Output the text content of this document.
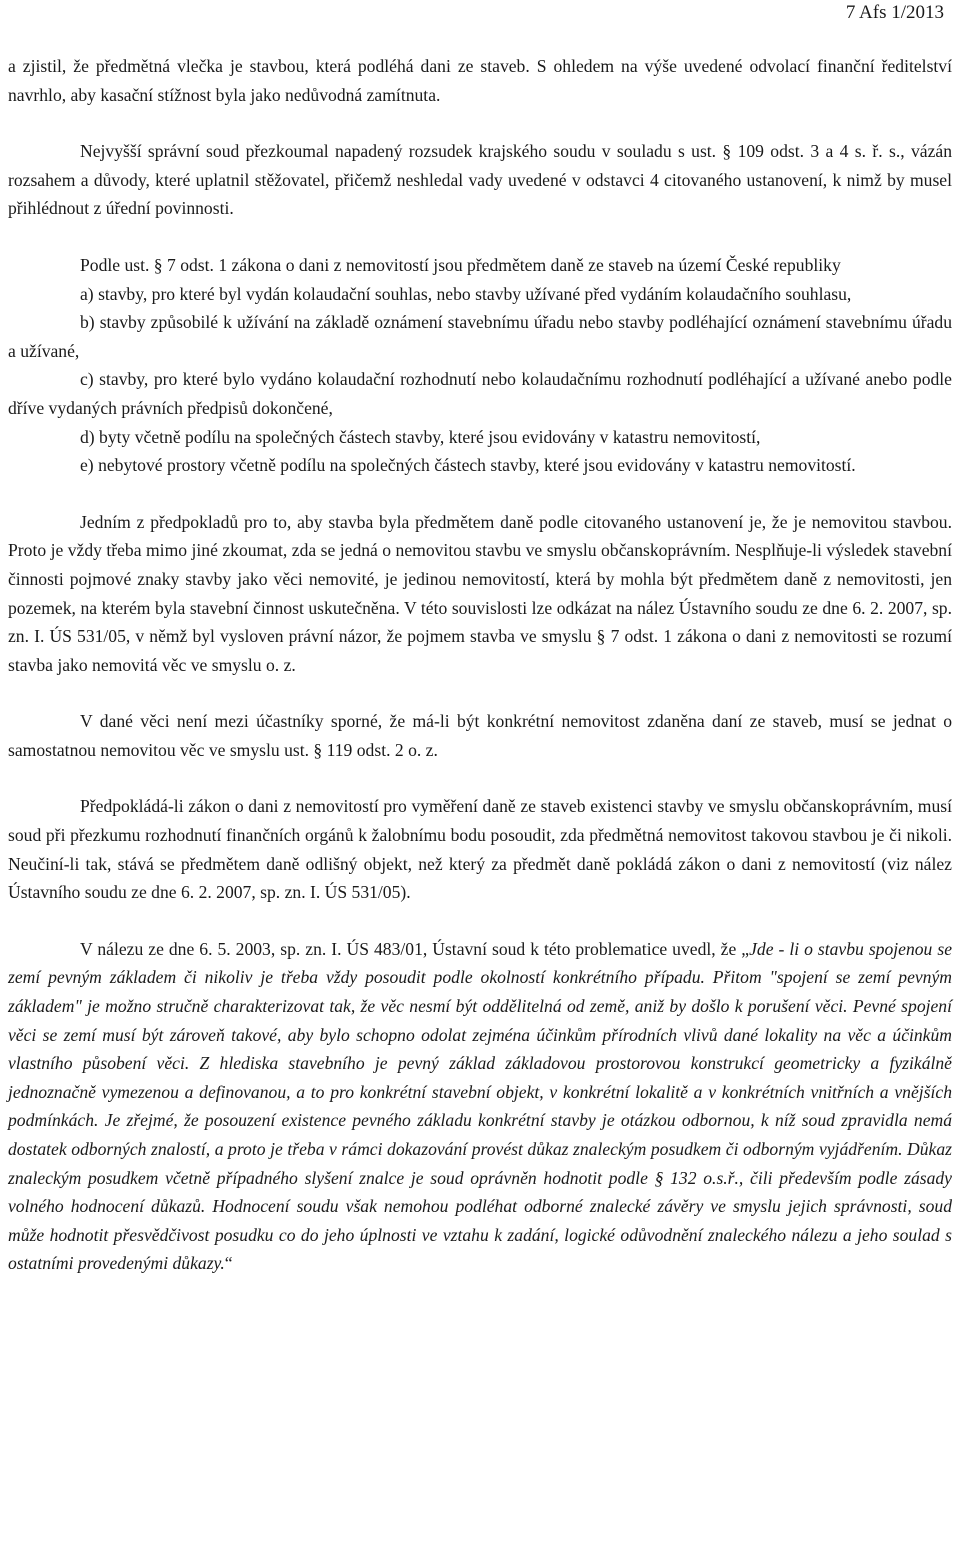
7 Afs 1/2013

a zjistil, že předmětná vlečka je stavbou, která podléhá dani ze staveb. S ohledem na výše uvedené odvolací finanční ředitelství navrhlo, aby kasační stížnost byla jako nedůvodná zamítnuta.

Nejvyšší správní soud přezkoumal napadený rozsudek krajského soudu v souladu s ust. § 109 odst. 3 a 4 s. ř. s., vázán rozsahem a důvody, které uplatnil stěžovatel, přičemž neshledal vady uvedené v odstavci 4 citovaného ustanovení, k nimž by musel přihlédnout z úřední povinnosti.

Podle ust. § 7 odst. 1 zákona o dani z nemovitostí jsou předmětem daně ze staveb na území České republiky

a) stavby, pro které byl vydán kolaudační souhlas, nebo stavby užívané před vydáním kolaudačního souhlasu,

b) stavby způsobilé k užívání na základě oznámení stavebnímu úřadu nebo stavby podléhající oznámení stavebnímu úřadu a užívané,

c) stavby, pro které bylo vydáno kolaudační rozhodnutí nebo kolaudačnímu rozhodnutí podléhající a užívané anebo podle dříve vydaných právních předpisů dokončené,

d) byty včetně podílu na společných částech stavby, které jsou evidovány v katastru nemovitostí,

e) nebytové prostory včetně podílu na společných částech stavby, které jsou evidovány v katastru nemovitostí.

Jedním z předpokladů pro to, aby stavba byla předmětem daně podle citovaného ustanovení je, že je nemovitou stavbou. Proto je vždy třeba mimo jiné zkoumat, zda se jedná o nemovitou stavbu ve smyslu občanskoprávním. Nesplňuje-li výsledek stavební činnosti pojmové znaky stavby jako věci nemovité, je jedinou nemovitostí, která by mohla být předmětem daně z nemovitosti, jen pozemek, na kterém byla stavební činnost uskutečněna. V této souvislosti lze odkázat na nález Ústavního soudu ze dne 6. 2. 2007, sp. zn. I. ÚS 531/05, v němž byl vysloven právní názor, že pojmem stavba ve smyslu § 7 odst. 1 zákona o dani z nemovitosti se rozumí stavba jako nemovitá věc ve smyslu o. z.

V dané věci není mezi účastníky sporné, že má-li být konkrétní nemovitost zdaněna daní ze staveb, musí se jednat o samostatnou nemovitou věc ve smyslu ust. § 119 odst. 2 o. z.

Předpokládá-li zákon o dani z nemovitostí pro vyměření daně ze staveb existenci stavby ve smyslu občanskoprávním, musí soud při přezkumu rozhodnutí finančních orgánů k žalobnímu bodu posoudit, zda předmětná nemovitost takovou stavbou je či nikoli. Neučiní-li tak, stává se předmětem daně odlišný objekt, než který za předmět daně pokládá zákon o dani z nemovitostí (viz nález Ústavního soudu ze dne 6. 2. 2007, sp. zn. I. ÚS 531/05).

V nálezu ze dne 6. 5. 2003, sp. zn. I. ÚS 483/01, Ústavní soud k této problematice uvedl, že „Jde - li o stavbu spojenou se zemí pevným základem či nikoliv je třeba vždy posoudit podle okolností konkrétního případu. Přitom "spojení se zemí pevným základem" je možno stručně charakterizovat tak, že věc nesmí být oddělitelná od země, aniž by došlo k porušení věci. Pevné spojení věci se zemí musí být zároveň takové, aby bylo schopno odolat zejména účinkům přírodních vlivů dané lokality na věc a účinkům vlastního působení věci. Z hlediska stavebního je pevný základ základovou prostorovou konstrukcí geometricky a fyzikálně jednoznačně vymezenou a definovanou, a to pro konkrétní stavební objekt, v konkrétní lokalitě a v konkrétních vnitřních a vnějších podmínkách. Je zřejmé, že posouzení existence pevného základu konkrétní stavby je otázkou odbornou, k níž soud zpravidla nemá dostatek odborných znalostí, a proto je třeba v rámci dokazování provést důkaz znaleckým posudkem či odborným vyjádřením. Důkaz znaleckým posudkem včetně případného slyšení znalce je soud oprávněn hodnotit podle § 132 o.s.ř., čili především podle zásady volného hodnocení důkazů. Hodnocení soudu však nemohou podléhat odborné znalecké závěry ve smyslu jejich správnosti, soud může hodnotit přesvědčivost posudku co do jeho úplnosti ve vztahu k zadání, logické odůvodnění znaleckého nálezu a jeho soulad s ostatními provedenými důkazy.“
